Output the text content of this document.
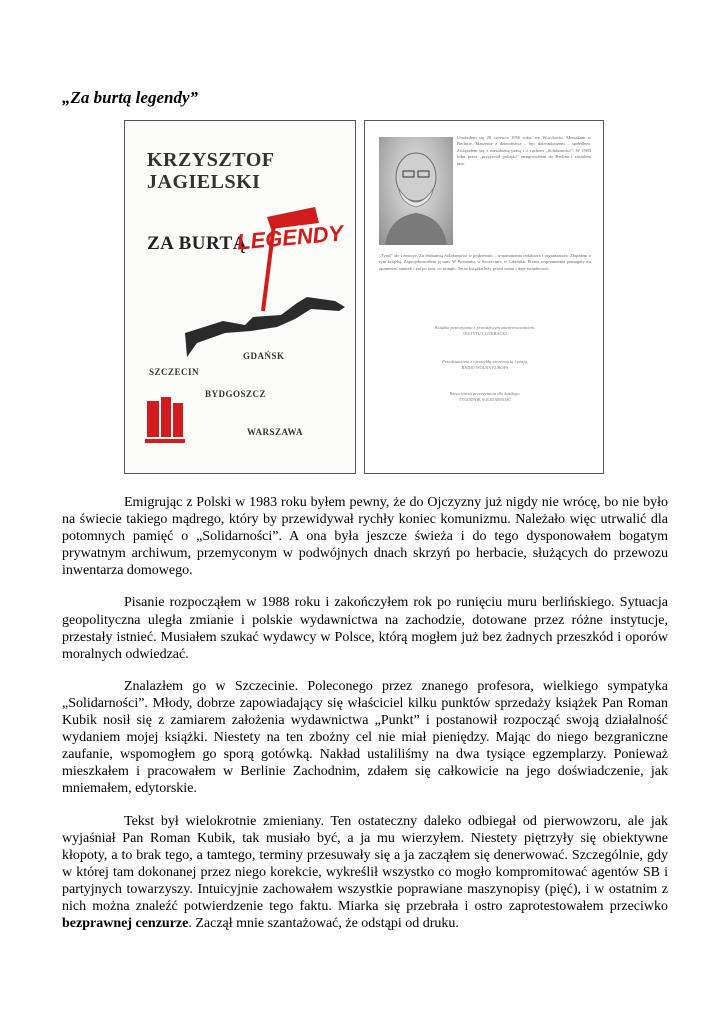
„Za burtą legendy”
KRZYSZTOF
JAGIELSKI
ZA BURTĄ
LEGENDY
GDAŃSK
SZCZECIN
BYDGOSZCZ
WARSZAWA
Urodziłem się 28 czerwca 1956 roku, we Wrocławiu. Mieszkam w Berlinie. Marzenie z dzieciństwa – być dziennikarzem – spełniłem. Związałem się z niezależną prasą i z ruchem „Solidarności”. W 1983 roku przez „przyjaciół polityki” emigrowałem do Berlina i zostałem tam.
„Tytuł” ale i emocje. Za drukarnią Solidarności w podziemiu – wspomnienia redaktora i organizatora. Złapałem o tym książkę. Zaprojektowałem ją sam. W Poznaniu, w Szczecinie, w Gdańsku. Pisane wspomnienia pomagały mi opanować smutek i żal po tym, co minęło. Teraz książka leży przed wami i daje świadectwo.
Książka przeczytana z prawdziwym zainteresowaniem.
INSTYTUT LITERACKI
Przedstawiona z niezwykłą szczerością i pasją.
RADIO WOLNA EUROPA
Rzecz warta przeczytania dla każdego.
TYGODNIK SOLIDARNOŚĆ

Emigrując z Polski w 1983 roku byłem pewny, że do Ojczyzny już nigdy nie wrócę, bo nie było na świecie takiego mądrego, który by przewidywał rychły koniec komunizmu. Należało więc utrwalić dla potomnych pamięć o „Solidarności”. A ona była jeszcze świeża i do tego dysponowałem bogatym prywatnym archiwum, przemyconym w podwójnych dnach skrzyń po herbacie, służących do przewozu inwentarza domowego.

Pisanie rozpocząłem w 1988 roku i zakończyłem rok po runięciu muru berlińskiego. Sytuacja geopolityczna uległa zmianie i polskie wydawnictwa na zachodzie, dotowane przez różne instytucje, przestały istnieć. Musiałem szukać wydawcy w Polsce, którą mogłem już bez żadnych przeszkód i oporów moralnych odwiedzać.

Znalazłem go w Szczecinie. Poleconego przez znanego profesora, wielkiego sympatyka „Solidarności”. Młody, dobrze zapowiadający się właściciel kilku punktów sprzedaży książek Pan Roman Kubik nosił się z zamiarem założenia wydawnictwa „Punkt” i postanowił rozpocząć swoją działalność wydaniem mojej książki. Niestety na ten zbożny cel nie miał pieniędzy. Mając do niego bezgraniczne zaufanie, wspomogłem go sporą gotówką. Nakład ustaliliśmy na dwa tysiące egzemplarzy. Ponieważ mieszkałem i pracowałem w Berlinie Zachodnim, zdałem się całkowicie na jego doświadczenie, jak mniemałem, edytorskie.

Tekst był wielokrotnie zmieniany. Ten ostateczny daleko odbiegał od pierwowzoru, ale jak wyjaśniał Pan Roman Kubik, tak musiało być, a ja mu wierzyłem. Niestety piętrzyły się obiektywne kłopoty, a to brak tego, a tamtego, terminy przesuwały się a ja zacząłem się denerwować. Szczególnie, gdy w której tam dokonanej przez niego korekcie, wykreślił wszystko co mogło kompromitować agentów SB i partyjnych towarzyszy. Intuicyjnie zachowałem wszystkie poprawiane maszynopisy (pięć), i w ostatnim z nich można znaleźć potwierdzenie tego faktu. Miarka się przebrała i ostro zaprotestowałem przeciwko bezprawnej cenzurze. Zaczął mnie szantażować, że odstąpi od druku.
